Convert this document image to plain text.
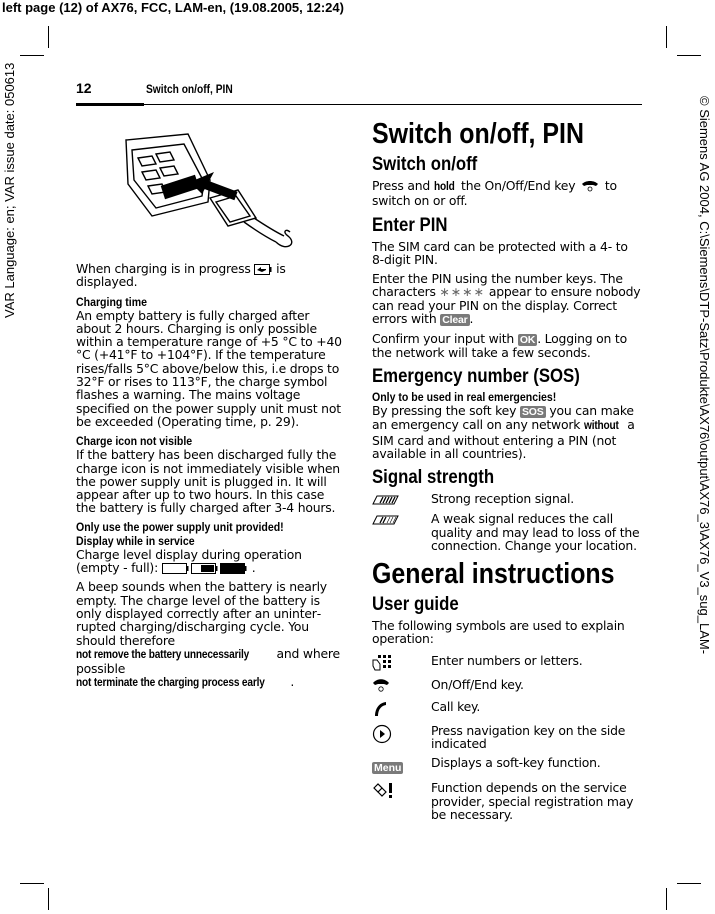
left page (12) of AX76, FCC, LAM-en, (19.08.2005, 12:24)
VAR Language: en; VAR issue date: 050613	© Siemens AG 2004, C:\Siemens\DTP-Satz\Produkte\AX76\output\AX76_3\AX76_V3_sug_LAM-
12	Switch on/off, PIN

When charging is in progress is displayed.

Charging time

An empty battery is fully charged after about 2 hours. Charging is only possible within a temperature range of +5 °C to +40 °C (+41°F to +104°F). If the temperature rises/falls 5°C above/below this, i.e drops to 32°F or rises to 113°F, the charge symbol flashes a warning. The mains voltage specified on the power supply unit must not be exceeded (Operating time, p. 29).

Charge icon not visible

If the battery has been discharged fully the charge icon is not immediately visible when the power supply unit is plugged in. It will appear after up to two hours. In this case the battery is fully charged after 3-4 hours.

Only use the power supply unit provided!
Display while in service

Charge level display during operation (empty - full):	.

A beep sounds when the battery is nearly empty. The charge level of the battery is only displayed correctly after an uninterrupted charging/discharging cycle. You should therefore not remove the battery unnecessarily and where possible not terminate the charging process early .

Switch on/off, PIN
Switch on/off

Press and hold the On/Off/End key to switch on or off.

Enter PIN

The SIM card can be protected with a 4- to 8-digit PIN.

Enter the PIN using the number keys. The characters ∗∗∗∗ appear to ensure nobody can read your PIN on the display. Correct errors with Clear .

Confirm your input with OK . Logging on to the network will take a few seconds.

Emergency number (SOS)
Only to be used in real emergencies!

By pressing the soft key SOS you can make an emergency call on any network without a SIM card and without entering a PIN (not available in all countries).

Signal strength
Strong reception signal.
A weak signal reduces the call quality and may lead to loss of the connection. Change your location.
General instructions
User guide

The following symbols are used to explain operation:

Enter numbers or letters.
On/Off/End key.
Call key.
Press navigation key on the side indicated
Menu	Displays a soft-key function.
Function depends on the service provider, special registration may be necessary.
